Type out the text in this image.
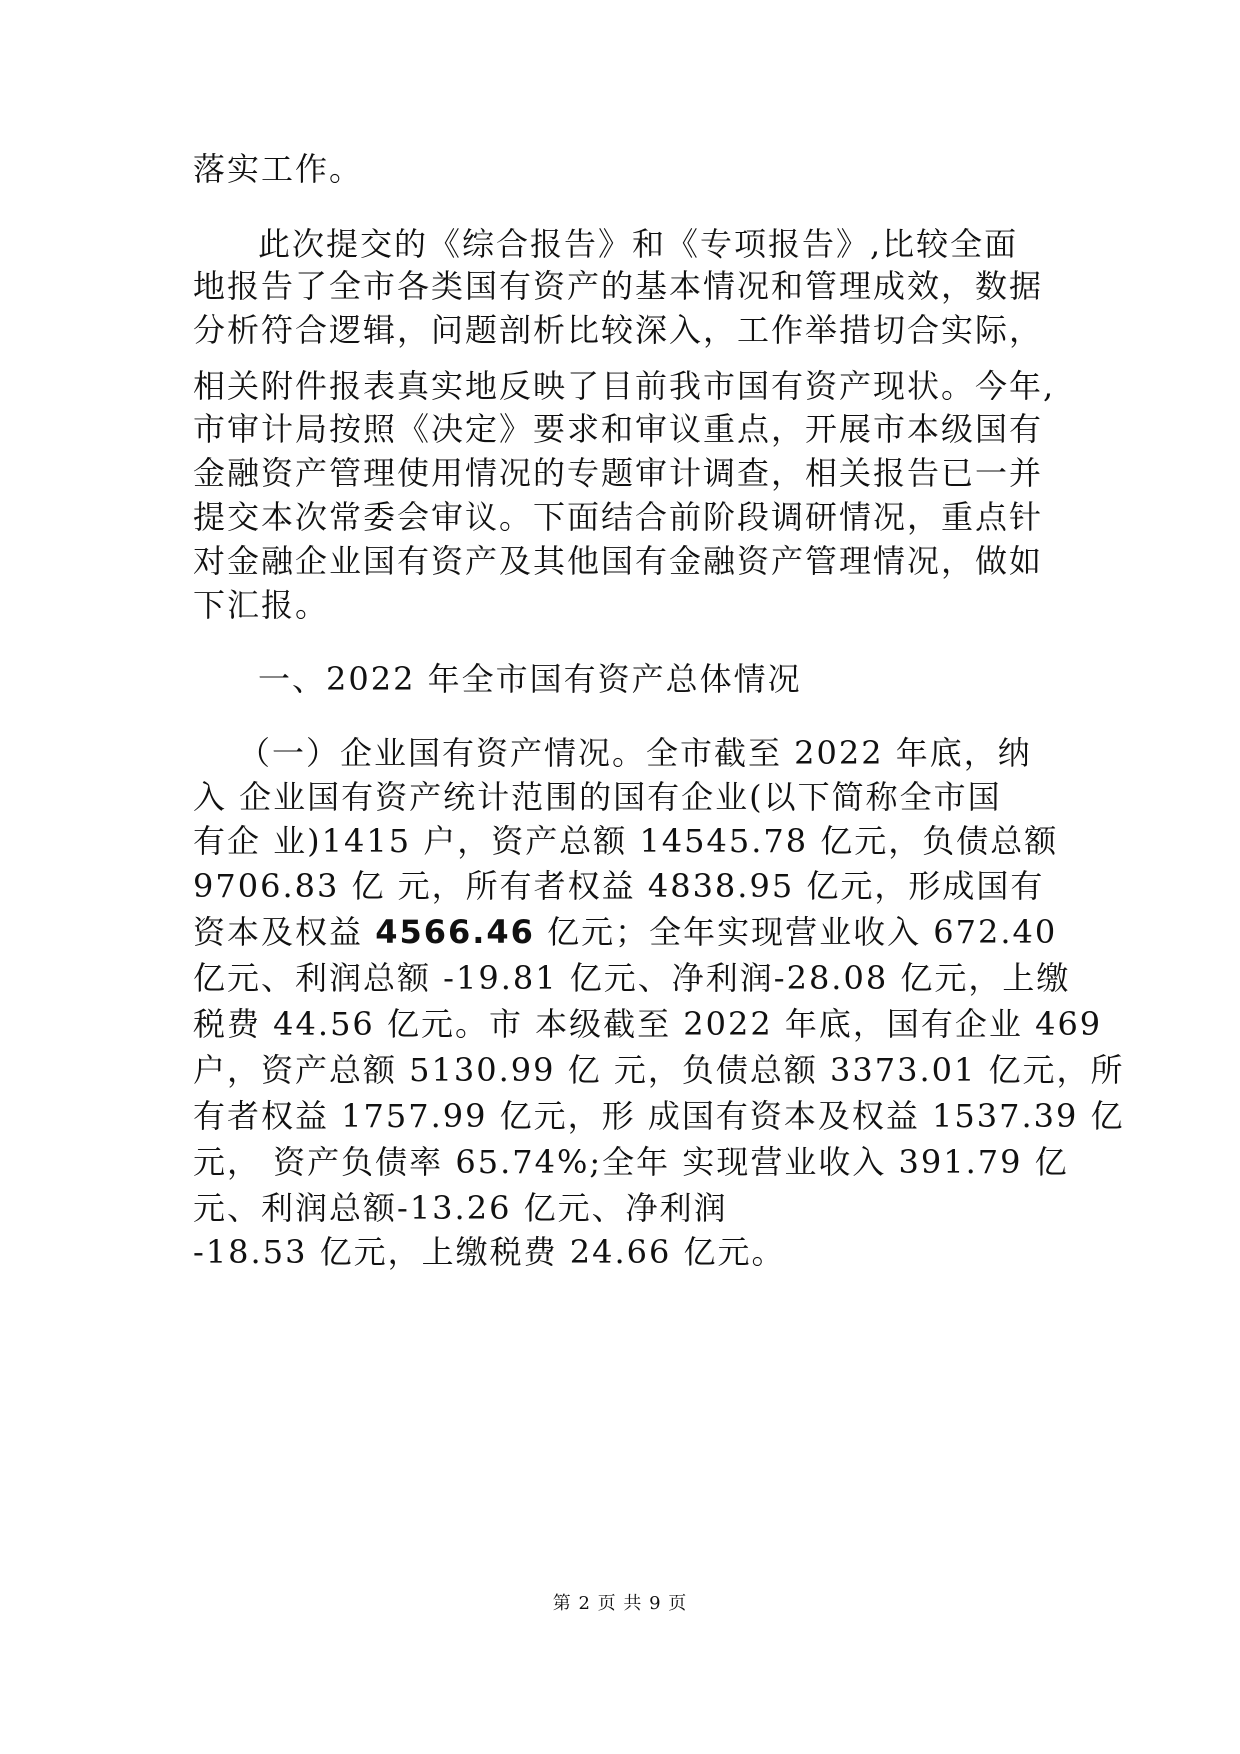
落实工作。
此次提交的《综合报告》和《专项报告》,比较全面
地报告了全市各类国有资产的基本情况和管理成效，数据
分析符合逻辑，问题剖析比较深入，工作举措切合实际，
相关附件报表真实地反映了目前我市国有资产现状。今年,
市审计局按照《决定》要求和审议重点，开展市本级国有
金融资产管理使用情况的专题审计调查，相关报告已一并
提交本次常委会审议。下面结合前阶段调研情况，重点针
对金融企业国有资产及其他国有金融资产管理情况，做如
下汇报。
一、2022 年全市国有资产总体情况
（一）企业国有资产情况。全市截至 2022 年底，纳
入 企业国有资产统计范围的国有企业(以下简称全市国
有企 业)1415 户，资产总额 14545.78 亿元，负债总额
9706.83 亿 元，所有者权益 4838.95 亿元，形成国有
资本及权益 4566.46 亿元；全年实现营业收入 672.40
亿元、利润总额 -19.81 亿元、净利润-28.08 亿元，上缴
税费 44.56 亿元。市 本级截至 2022 年底，国有企业 469
户，资产总额 5130.99 亿 元，负债总额 3373.01 亿元，所
有者权益 1757.99 亿元，形 成国有资本及权益 1537.39 亿
元， 资产负债率 65.74%;全年 实现营业收入 391.79 亿
元、利润总额-13.26 亿元、净利润
-18.53 亿元，上缴税费 24.66 亿元。
第 2 页 共 9 页
